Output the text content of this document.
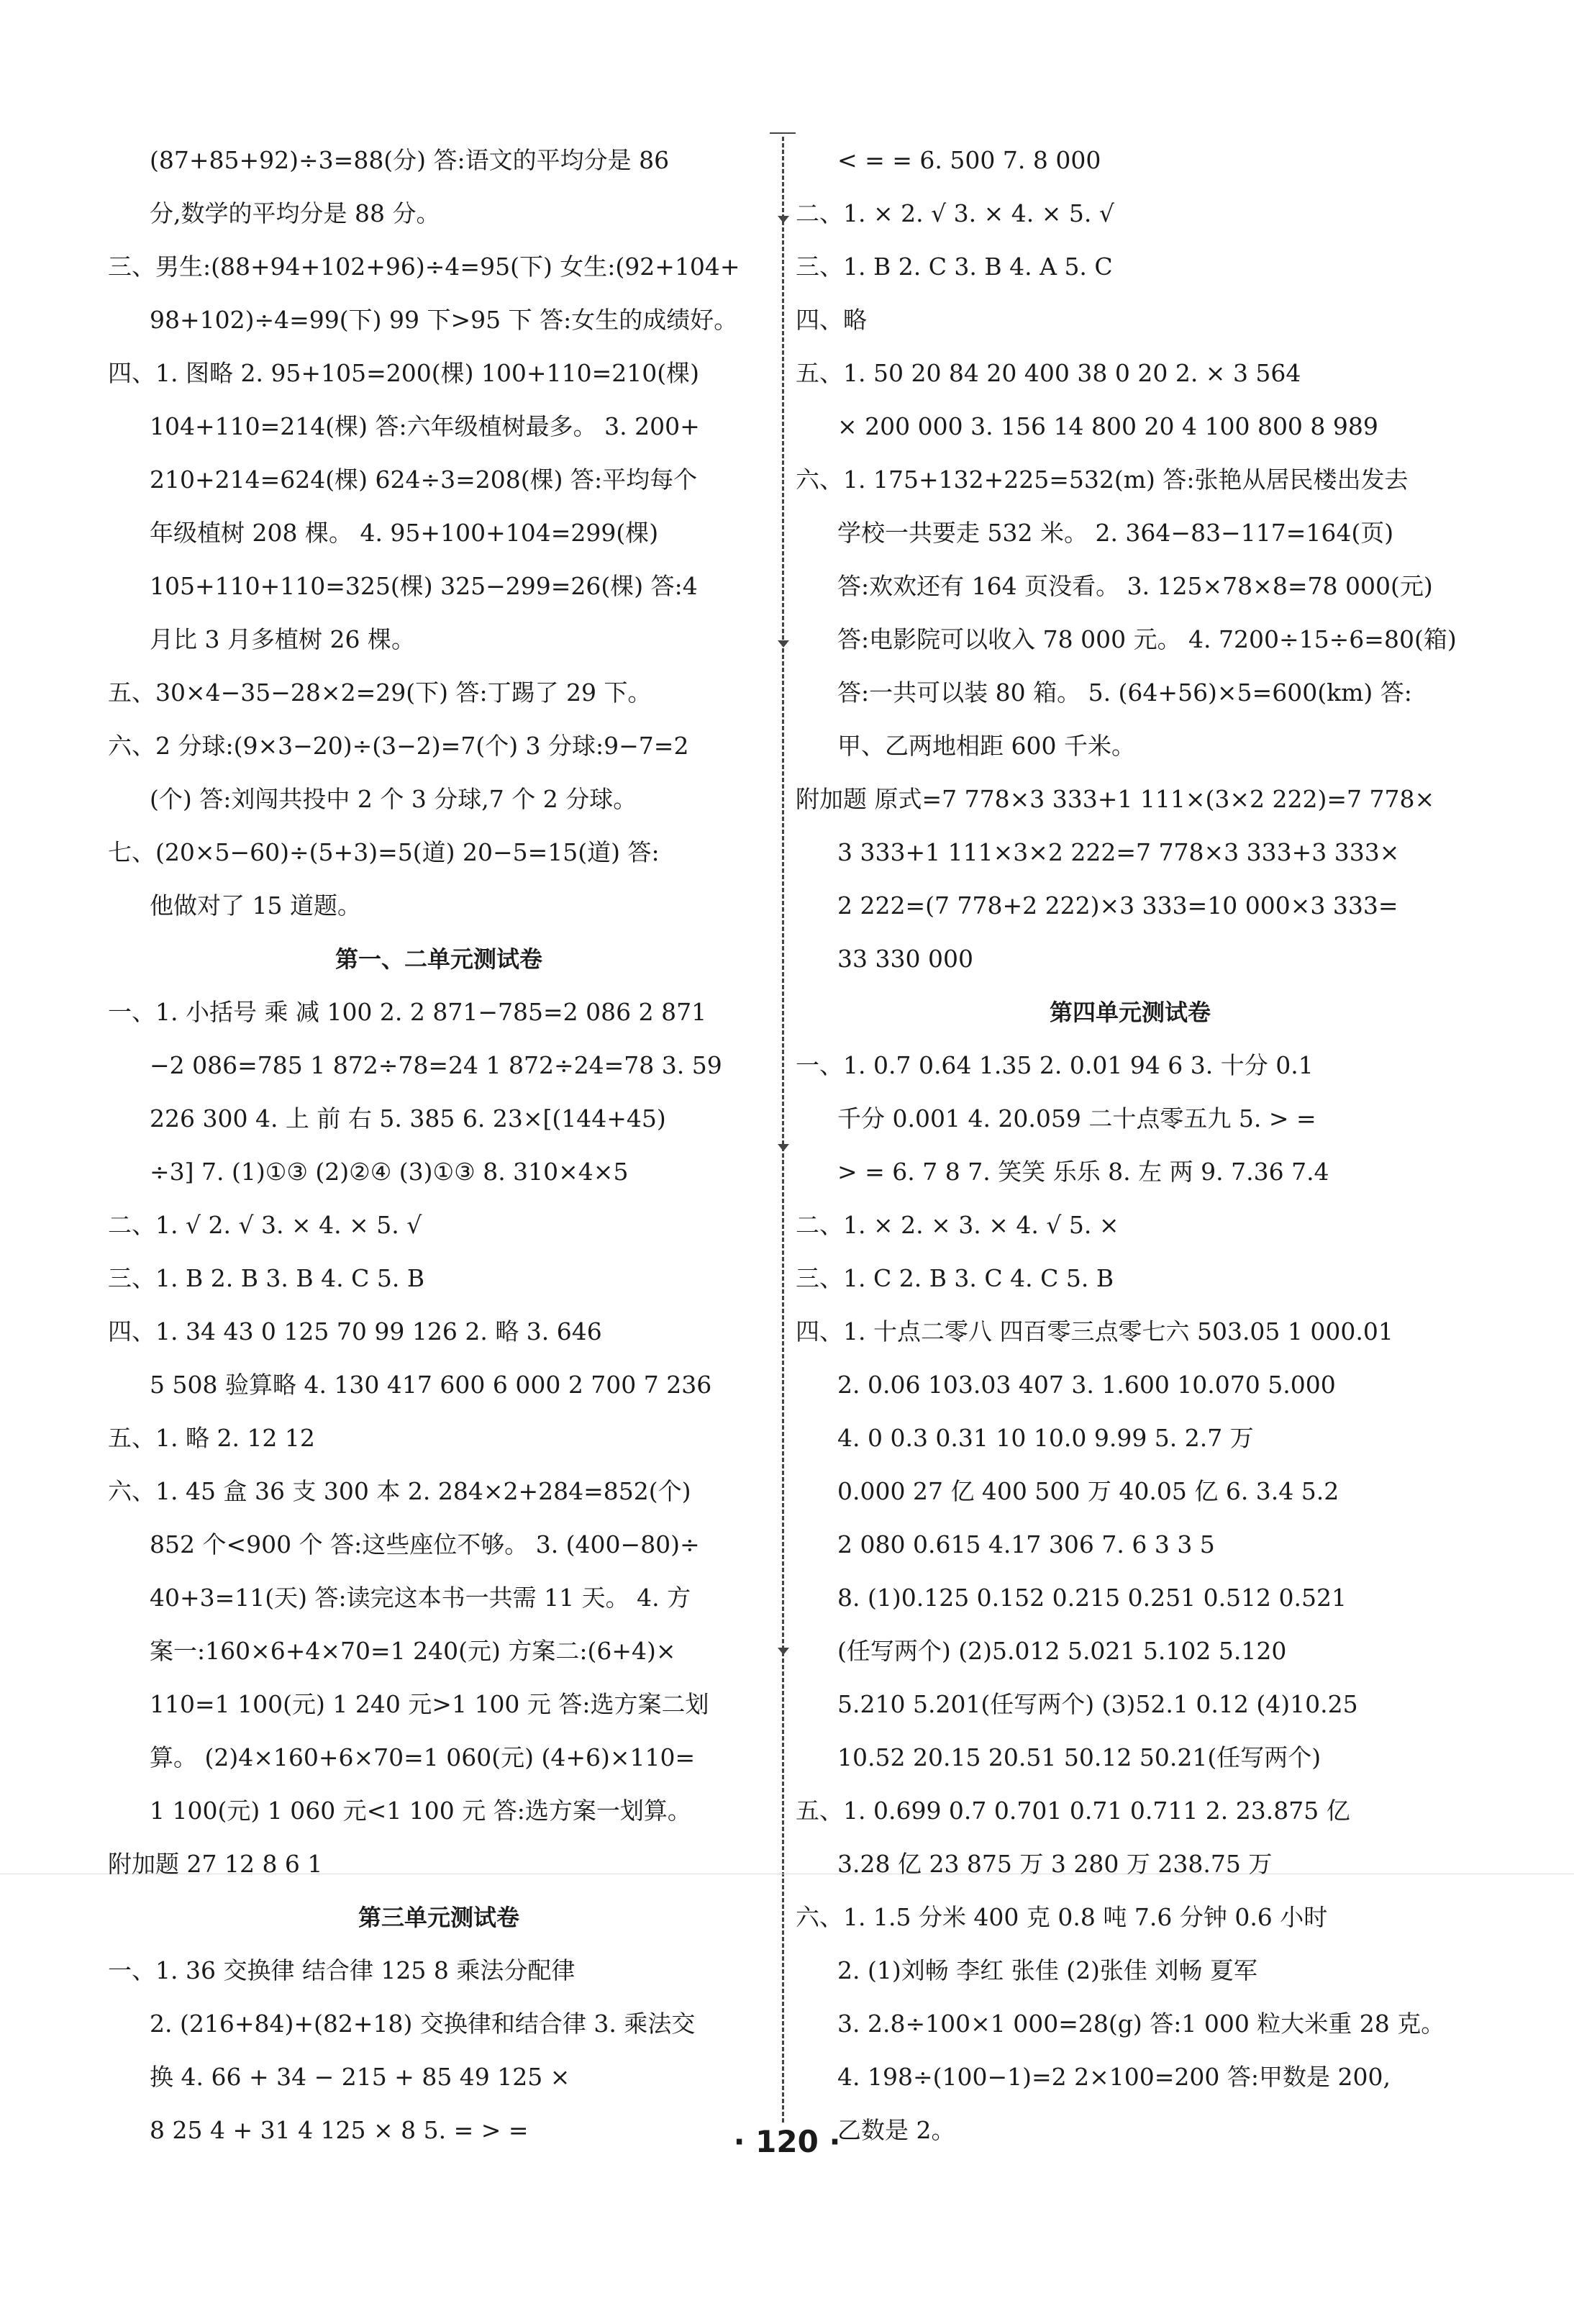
(87+85+92)÷3=88(分) 答:语文的平均分是 86
分,数学的平均分是 88 分。
三、男生:(88+94+102+96)÷4=95(下) 女生:(92+104+
98+102)÷4=99(下) 99 下>95 下 答:女生的成绩好。
四、1. 图略 2. 95+105=200(棵) 100+110=210(棵)
104+110=214(棵) 答:六年级植树最多。 3. 200+
210+214=624(棵) 624÷3=208(棵) 答:平均每个
年级植树 208 棵。 4. 95+100+104=299(棵)
105+110+110=325(棵) 325−299=26(棵) 答:4
月比 3 月多植树 26 棵。
五、30×4−35−28×2=29(下) 答:丁踢了 29 下。
六、2 分球:(9×3−20)÷(3−2)=7(个) 3 分球:9−7=2
(个) 答:刘闯共投中 2 个 3 分球,7 个 2 分球。
七、(20×5−60)÷(5+3)=5(道) 20−5=15(道) 答:
他做对了 15 道题。
第一、二单元测试卷
一、1. 小括号 乘 减 100 2. 2 871−785=2 086 2 871
−2 086=785 1 872÷78=24 1 872÷24=78 3. 59
226 300 4. 上 前 右 5. 385 6. 23×[(144+45)
÷3] 7. (1)①③ (2)②④ (3)①③ 8. 310×4×5
二、1. √ 2. √ 3. × 4. × 5. √
三、1. B 2. B 3. B 4. C 5. B
四、1. 34 43 0 125 70 99 126 2. 略 3. 646
5 508 验算略 4. 130 417 600 6 000 2 700 7 236
五、1. 略 2. 12 12
六、1. 45 盒 36 支 300 本 2. 284×2+284=852(个)
852 个<900 个 答:这些座位不够。 3. (400−80)÷
40+3=11(天) 答:读完这本书一共需 11 天。 4. 方
案一:160×6+4×70=1 240(元) 方案二:(6+4)×
110=1 100(元) 1 240 元>1 100 元 答:选方案二划
算。 (2)4×160+6×70=1 060(元) (4+6)×110=
1 100(元) 1 060 元<1 100 元 答:选方案一划算。
附加题 27 12 8 6 1
第三单元测试卷
一、1. 36 交换律 结合律 125 8 乘法分配律
2. (216+84)+(82+18) 交换律和结合律 3. 乘法交
换 4. 66 + 34 − 215 + 85 49 125 ×
8 25 4 + 31 4 125 × 8 5. = > =
< = = 6. 500 7. 8 000
二、1. × 2. √ 3. × 4. × 5. √
三、1. B 2. C 3. B 4. A 5. C
四、略
五、1. 50 20 84 20 400 38 0 20 2. × 3 564
× 200 000 3. 156 14 800 20 4 100 800 8 989
六、1. 175+132+225=532(m) 答:张艳从居民楼出发去
学校一共要走 532 米。 2. 364−83−117=164(页)
答:欢欢还有 164 页没看。 3. 125×78×8=78 000(元)
答:电影院可以收入 78 000 元。 4. 7200÷15÷6=80(箱)
答:一共可以装 80 箱。 5. (64+56)×5=600(km) 答:
甲、乙两地相距 600 千米。
附加题 原式=7 778×3 333+1 111×(3×2 222)=7 778×
3 333+1 111×3×2 222=7 778×3 333+3 333×
2 222=(7 778+2 222)×3 333=10 000×3 333=
33 330 000
第四单元测试卷
一、1. 0.7 0.64 1.35 2. 0.01 94 6 3. 十分 0.1
千分 0.001 4. 20.059 二十点零五九 5. > =
> = 6. 7 8 7. 笑笑 乐乐 8. 左 两 9. 7.36 7.4
二、1. × 2. × 3. × 4. √ 5. ×
三、1. C 2. B 3. C 4. C 5. B
四、1. 十点二零八 四百零三点零七六 503.05 1 000.01
2. 0.06 103.03 407 3. 1.600 10.070 5.000
4. 0 0.3 0.31 10 10.0 9.99 5. 2.7 万
0.000 27 亿 400 500 万 40.05 亿 6. 3.4 5.2
2 080 0.615 4.17 306 7. 6 3 3 5
8. (1)0.125 0.152 0.215 0.251 0.512 0.521
(任写两个) (2)5.012 5.021 5.102 5.120
5.210 5.201(任写两个) (3)52.1 0.12 (4)10.25
10.52 20.15 20.51 50.12 50.21(任写两个)
五、1. 0.699 0.7 0.701 0.71 0.711 2. 23.875 亿
3.28 亿 23 875 万 3 280 万 238.75 万
六、1. 1.5 分米 400 克 0.8 吨 7.6 分钟 0.6 小时
2. (1)刘畅 李红 张佳 (2)张佳 刘畅 夏军
3. 2.8÷100×1 000=28(g) 答:1 000 粒大米重 28 克。
4. 198÷(100−1)=2 2×100=200 答:甲数是 200,
乙数是 2。
· 120 ·
